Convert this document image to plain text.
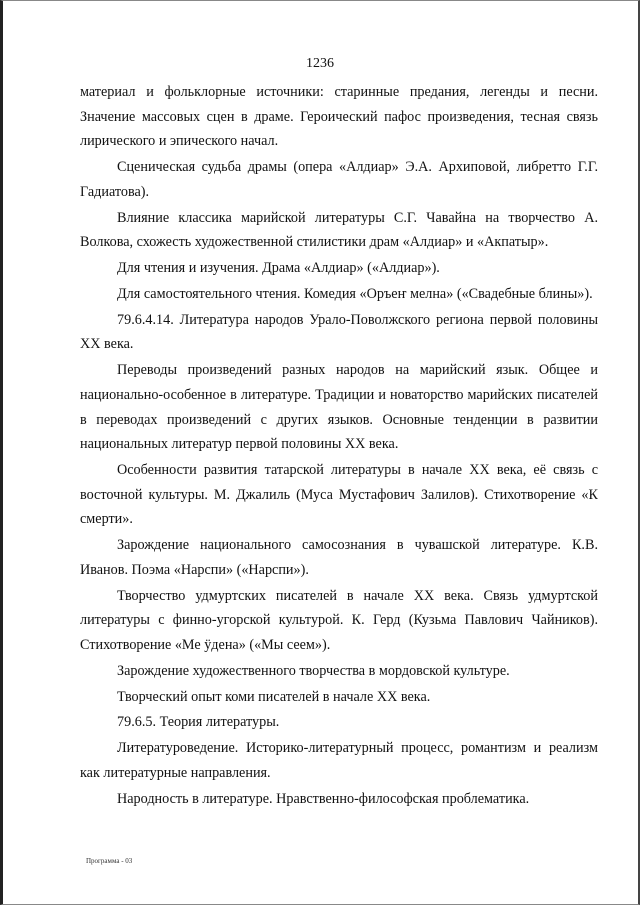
1236

материал и фольклорные источники: старинные предания, легенды и песни. Значение массовых сцен в драме. Героический пафос произведения, тесная связь лирического и эпического начал.

Сценическая судьба драмы (опера «Алдиар» Э.А. Архиповой, либретто Г.Г. Гадиатова).

Влияние классика марийской литературы С.Г. Чавайна на творчество А. Волкова, схожесть художественной стилистики драм «Алдиар» и «Акпатыр».

Для чтения и изучения. Драма «Алдиар» («Алдиар»).

Для самостоятельного чтения. Комедия «Оръеҥ мелна» («Свадебные блины»).

79.6.4.14. Литература народов Урало-Поволжского региона первой половины XX века.

Переводы произведений разных народов на марийский язык. Общее и национально-особенное в литературе. Традиции и новаторство марийских писателей в переводах произведений с других языков. Основные тенденции в развитии национальных литератур первой половины XX века.

Особенности развития татарской литературы в начале XX века, её связь с восточной культуры. М. Джалиль (Муса Мустафович Залилов). Стихотворение «К смерти».

Зарождение национального самосознания в чувашской литературе. К.В. Иванов. Поэма «Нарспи» («Нарспи»).

Творчество удмуртских писателей в начале XX века. Связь удмуртской литературы с финно-угорской культурой. К. Герд (Кузьма Павлович Чайников). Стихотворение «Ме ӱдена» («Мы сеем»).

Зарождение художественного творчества в мордовской культуре.

Творческий опыт коми писателей в начале XX века.

79.6.5. Теория литературы.

Литературоведение. Историко-литературный процесс, романтизм и реализм как литературные направления.

Народность в литературе. Нравственно-философская проблематика.

Программа - 03
